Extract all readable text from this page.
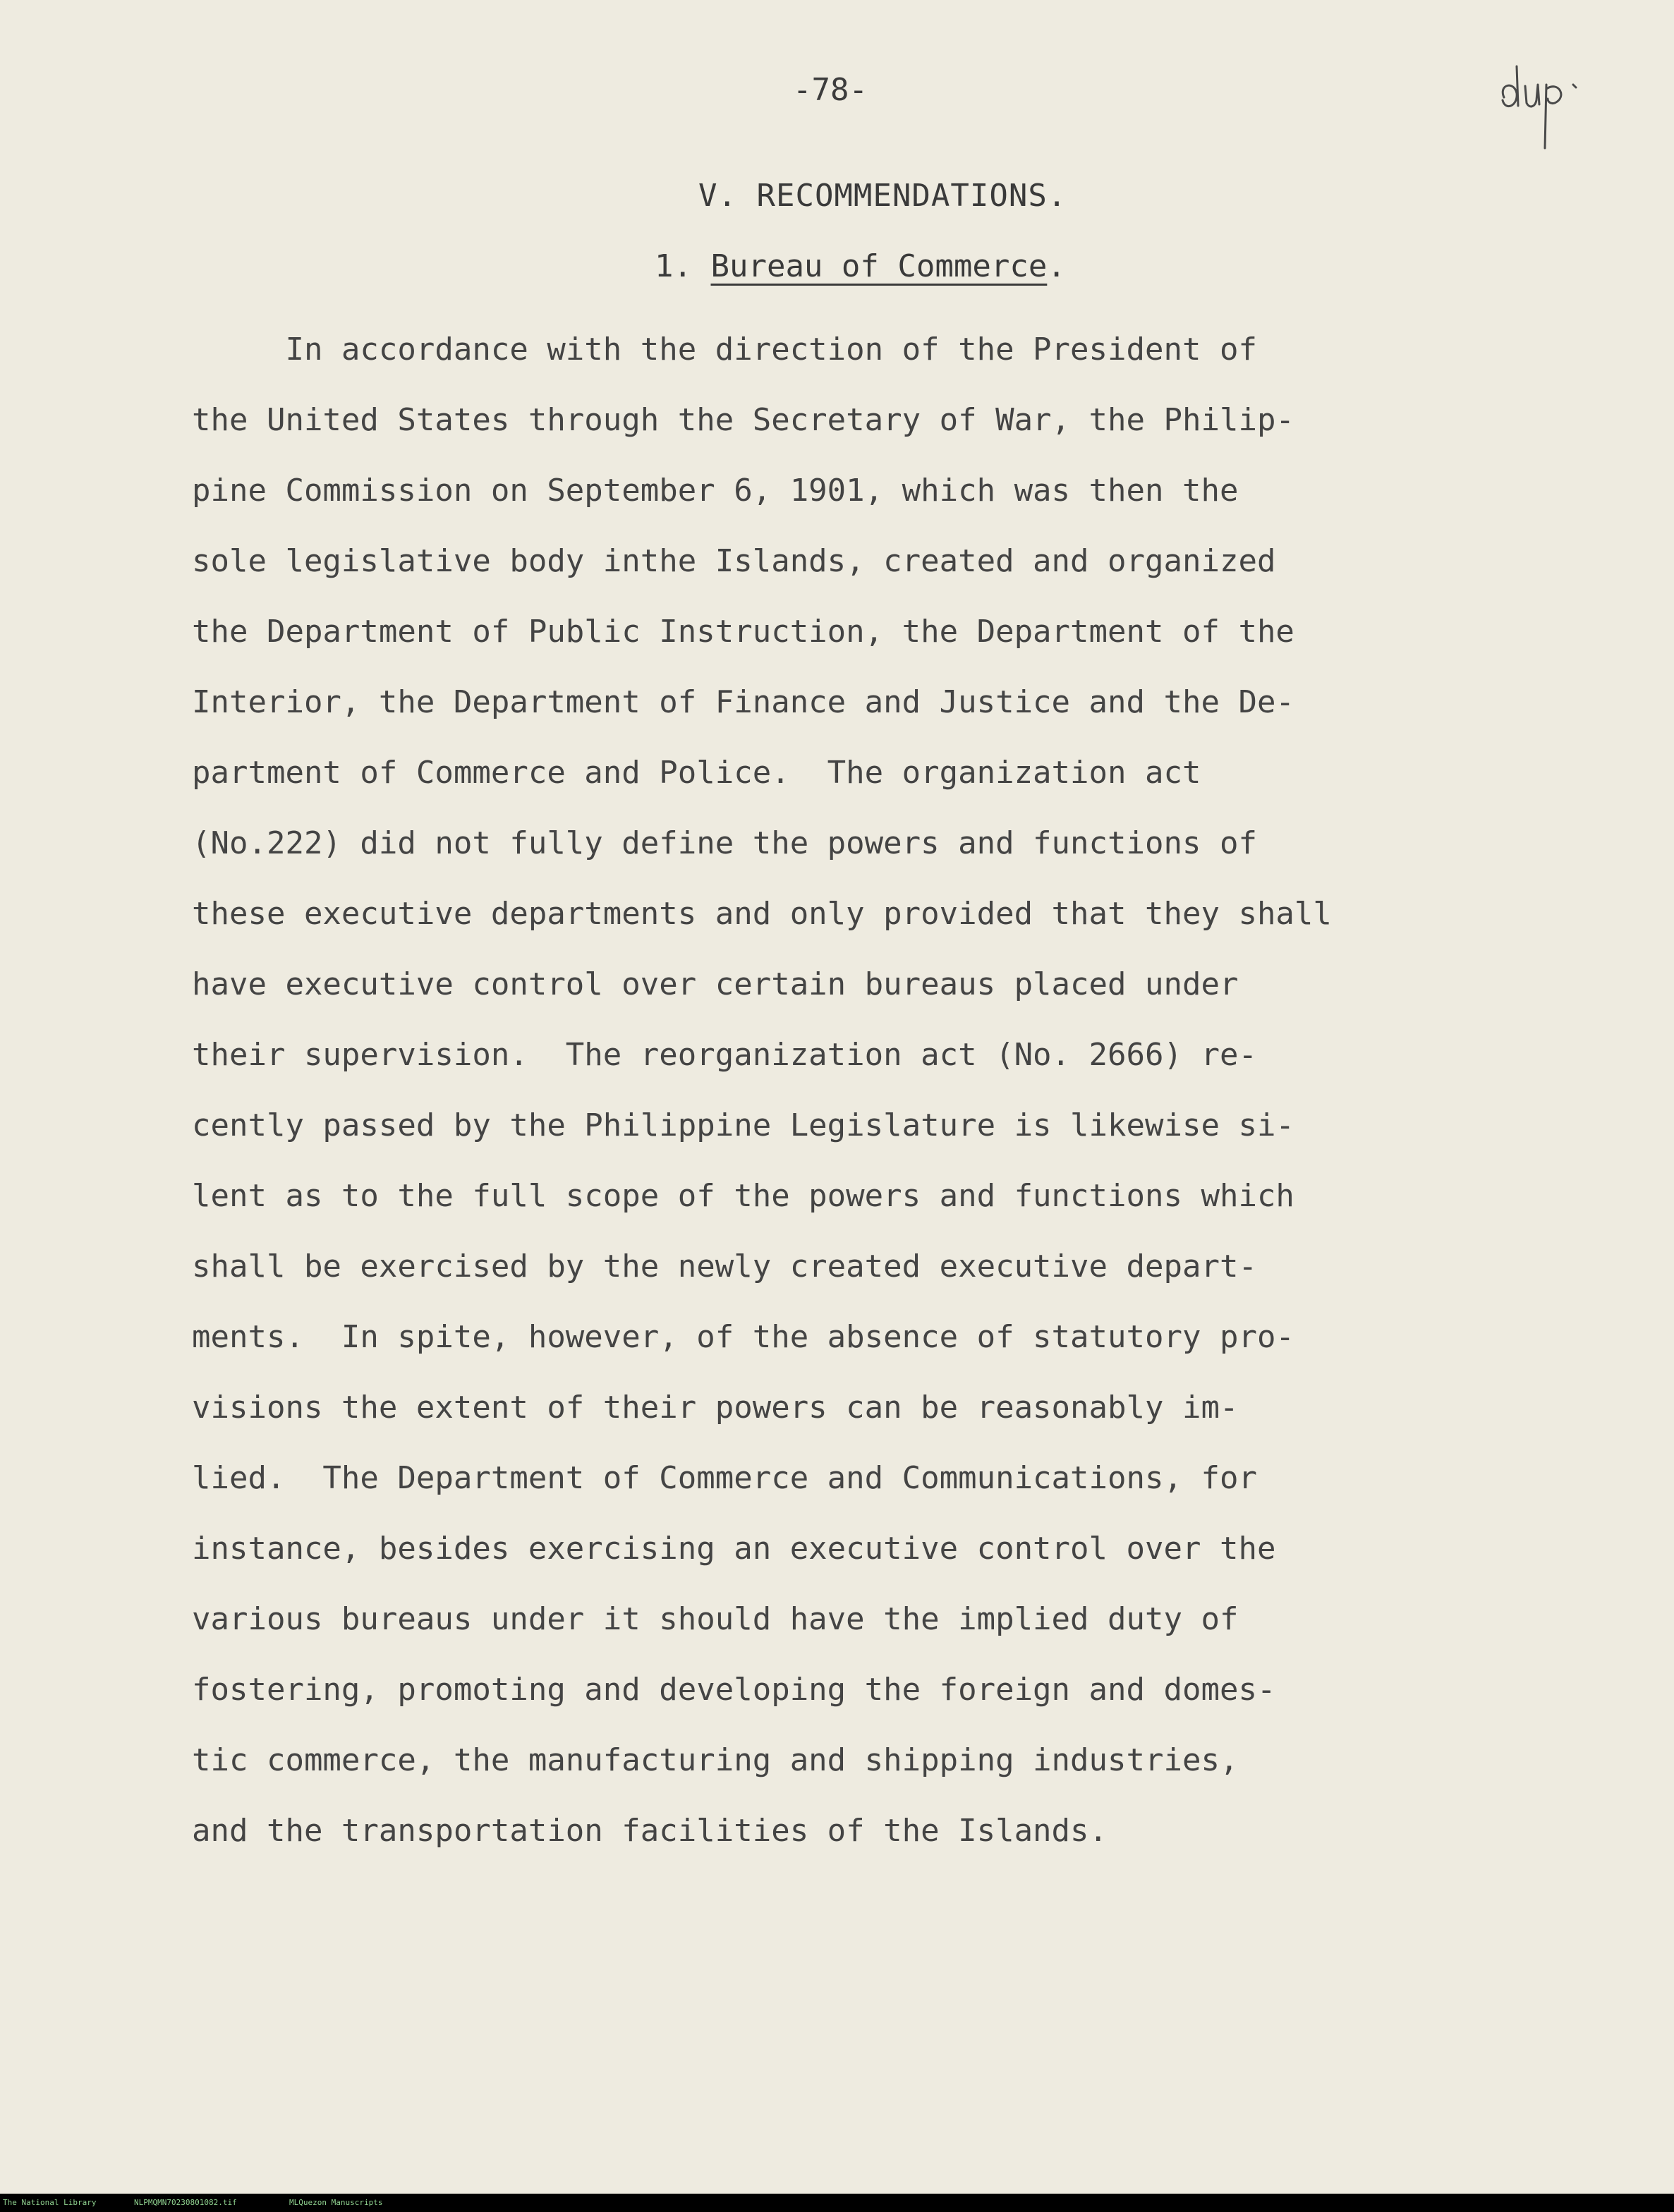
-78-
V. RECOMMENDATIONS.
1. Bureau of Commerce.
In accordance with the direction of the President of
the United States through the Secretary of War, the Philip-
pine Commission on September 6, 1901, which was then the
sole legislative body inthe Islands, created and organized
the Department of Public Instruction, the Department of the
Interior, the Department of Finance and Justice and the De-
partment of Commerce and Police.  The organization act
(No.222) did not fully define the powers and functions of
these executive departments and only provided that they shall
have executive control over certain bureaus placed under
their supervision.  The reorganization act (No. 2666) re-
cently passed by the Philippine Legislature is likewise si-
lent as to the full scope of the powers and functions which
shall be exercised by the newly created executive depart-
ments.  In spite, however, of the absence of statutory pro-
visions the extent of their powers can be reasonably im-
lied.  The Department of Commerce and Communications, for
instance, besides exercising an executive control over the
various bureaus under it should have the implied duty of
fostering, promoting and developing the foreign and domes-
tic commerce, the manufacturing and shipping industries,
and the transportation facilities of the Islands.
The National Library	NLPMQMN70230801082.tif	MLQuezon Manuscripts
